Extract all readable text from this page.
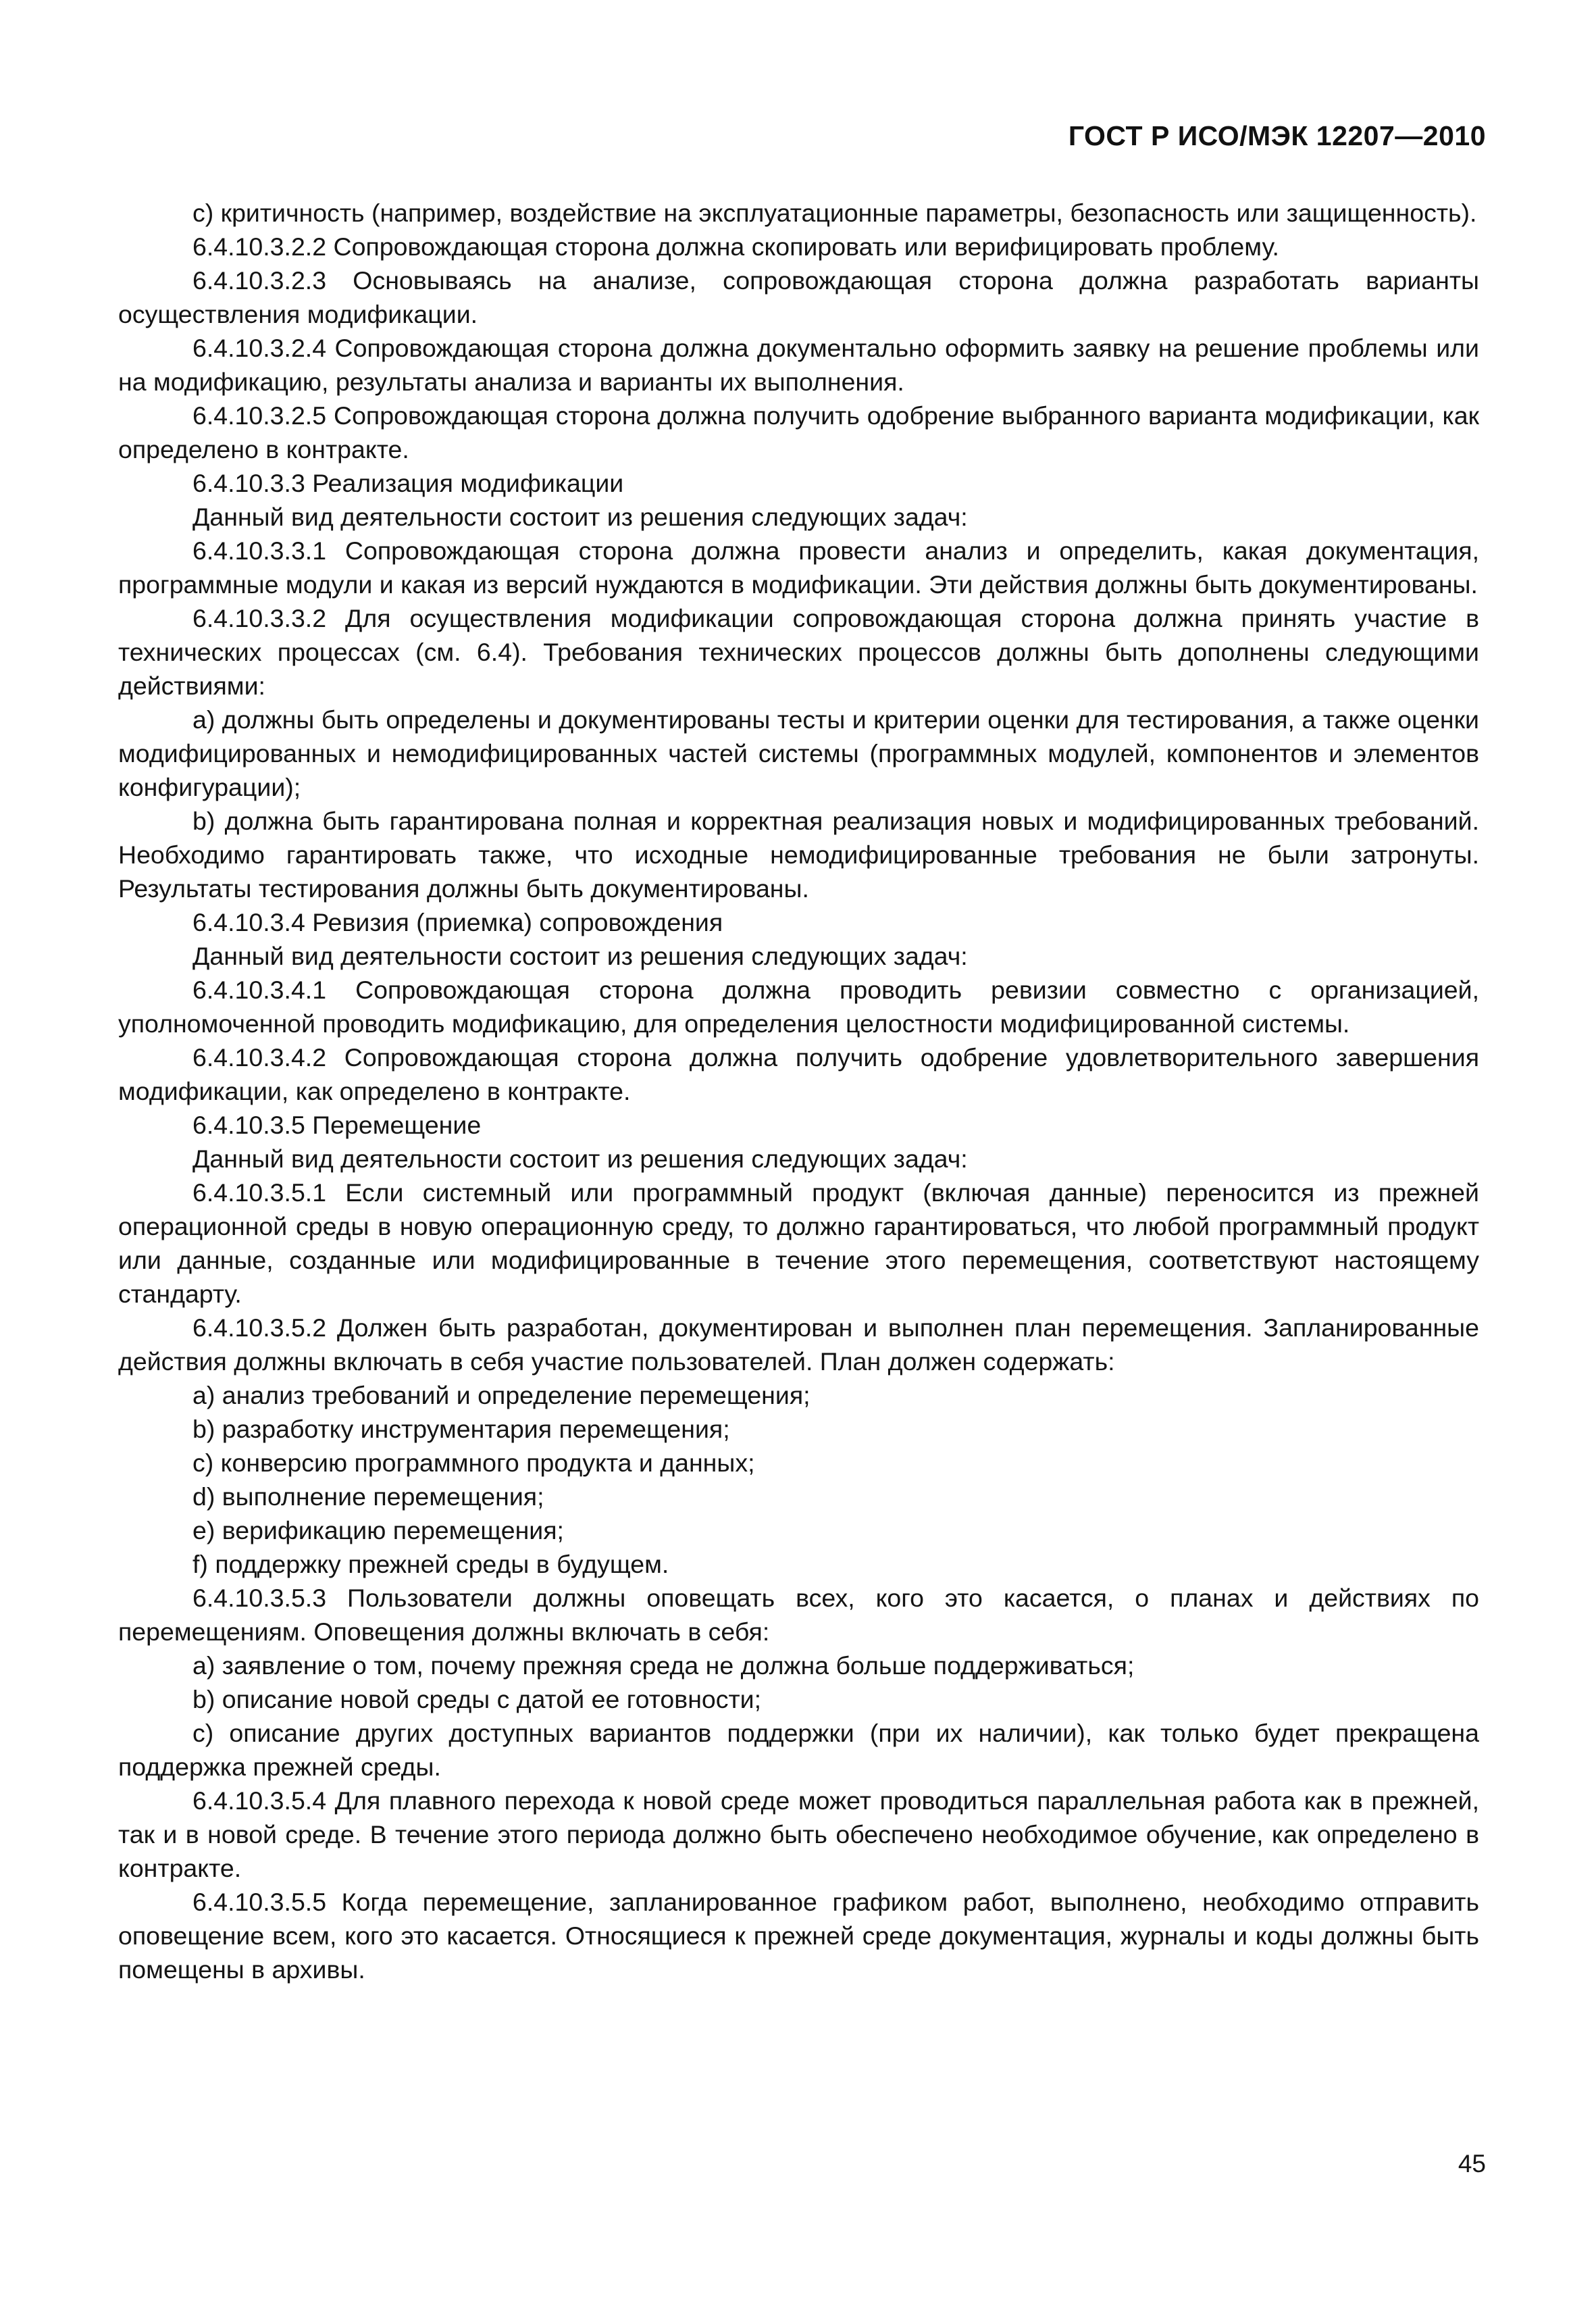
ГОСТ Р ИСО/МЭК 12207—2010

c) критичность (например, воздействие на эксплуатационные параметры, безопасность или защищенность).

6.4.10.3.2.2 Сопровождающая сторона должна скопировать или верифицировать проблему.

6.4.10.3.2.3 Основываясь на анализе, сопровождающая сторона должна разработать варианты осуществления модификации.

6.4.10.3.2.4 Сопровождающая сторона должна документально оформить заявку на решение проблемы или на модификацию, результаты анализа и варианты их выполнения.

6.4.10.3.2.5 Сопровождающая сторона должна получить одобрение выбранного варианта модификации, как определено в контракте.

6.4.10.3.3 Реализация модификации

Данный вид деятельности состоит из решения следующих задач:

6.4.10.3.3.1 Сопровождающая сторона должна провести анализ и определить, какая документация, программные модули и какая из версий нуждаются в модификации. Эти действия должны быть документированы.

6.4.10.3.3.2 Для осуществления модификации сопровождающая сторона должна принять участие в технических процессах (см. 6.4). Требования технических процессов должны быть дополнены следующими действиями:

a) должны быть определены и документированы тесты и критерии оценки для тестирования, а также оценки модифицированных и немодифицированных частей системы (программных модулей, компонентов и элементов конфигурации);

b) должна быть гарантирована полная и корректная реализация новых и модифицированных требований. Необходимо гарантировать также, что исходные немодифицированные требования не были затронуты. Результаты тестирования должны быть документированы.

6.4.10.3.4 Ревизия (приемка) сопровождения

Данный вид деятельности состоит из решения следующих задач:

6.4.10.3.4.1 Сопровождающая сторона должна проводить ревизии совместно с организацией, уполномоченной проводить модификацию, для определения целостности модифицированной системы.

6.4.10.3.4.2 Сопровождающая сторона должна получить одобрение удовлетворительного завершения модификации, как определено в контракте.

6.4.10.3.5 Перемещение

Данный вид деятельности состоит из решения следующих задач:

6.4.10.3.5.1 Если системный или программный продукт (включая данные) переносится из прежней операционной среды в новую операционную среду, то должно гарантироваться, что любой программный продукт или данные, созданные или модифицированные в течение этого перемещения, соответствуют настоящему стандарту.

6.4.10.3.5.2 Должен быть разработан, документирован и выполнен план перемещения. Запланированные действия должны включать в себя участие пользователей. План должен содержать:

a) анализ требований и определение перемещения;

b) разработку инструментария перемещения;

c) конверсию программного продукта и данных;

d) выполнение перемещения;

e) верификацию перемещения;

f) поддержку прежней среды в будущем.

6.4.10.3.5.3 Пользователи должны оповещать всех, кого это касается, о планах и действиях по перемещениям. Оповещения должны включать в себя:

a) заявление о том, почему прежняя среда не должна больше поддерживаться;

b) описание новой среды с датой ее готовности;

c) описание других доступных вариантов поддержки (при их наличии), как только будет прекращена поддержка прежней среды.

6.4.10.3.5.4 Для плавного перехода к новой среде может проводиться параллельная работа как в прежней, так и в новой среде. В течение этого периода должно быть обеспечено необходимое обучение, как определено в контракте.

6.4.10.3.5.5 Когда перемещение, запланированное графиком работ, выполнено, необходимо отправить оповещение всем, кого это касается. Относящиеся к прежней среде документация, журналы и коды должны быть помещены в архивы.

45
